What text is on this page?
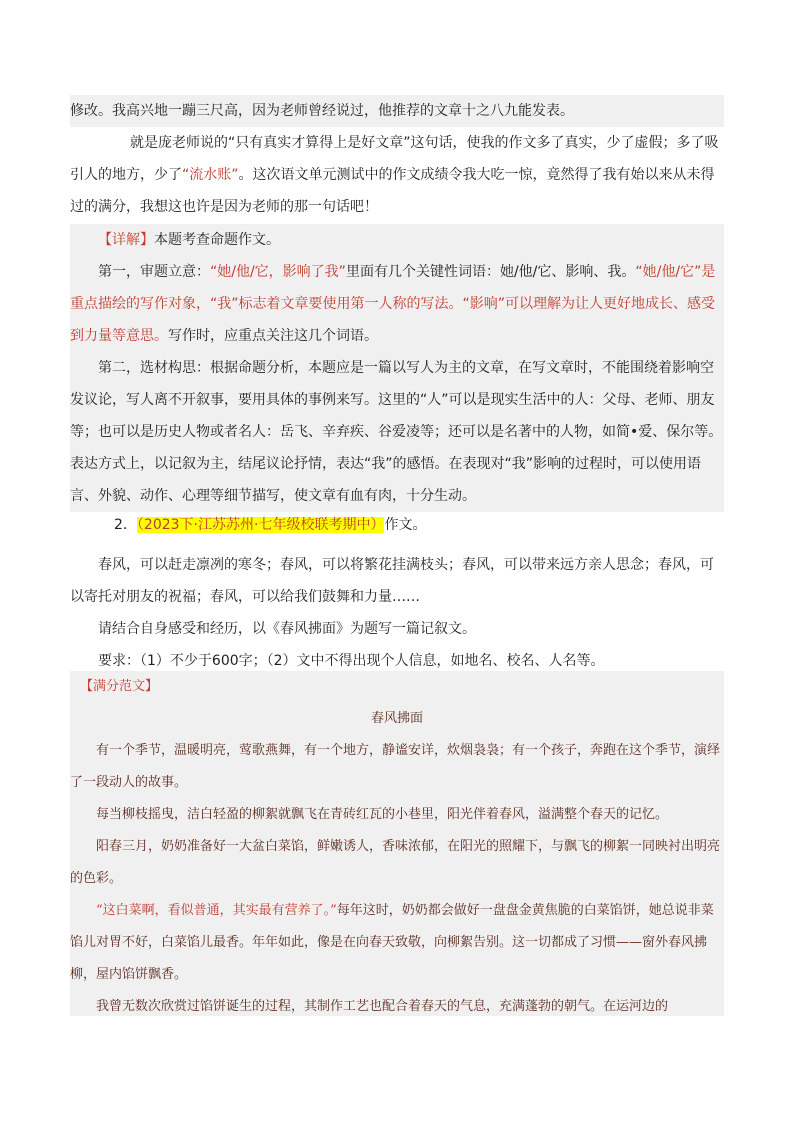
修改。我高兴地一蹦三尺高，因为老师曾经说过，他推荐的文章十之八九能发表。

就是庞老师说的“只有真实才算得上是好文章”这句话，使我的作文多了真实，少了虚假；多了吸引人的地方，少了“流水账”。这次语文单元测试中的作文成绩令我大吃一惊，竟然得了我有始以来从未得过的满分，我想这也许是因为老师的那一句话吧！

【详解】本题考查命题作文。

第一，审题立意：“她/他/它，影响了我”里面有几个关键性词语：她/他/它、影响、我。“她/他/它”是重点描绘的写作对象，“我”标志着文章要使用第一人称的写法。“影响”可以理解为让人更好地成长、感受到力量等意思。写作时，应重点关注这几个词语。

第二，选材构思：根据命题分析，本题应是一篇以写人为主的文章，在写文章时，不能围绕着影响空发议论，写人离不开叙事，要用具体的事例来写。这里的“人”可以是现实生活中的人：父母、老师、朋友等；也可以是历史人物或者名人：岳飞、辛弃疾、谷爱凌等；还可以是名著中的人物，如简•爱、保尔等。表达方式上，以记叙为主，结尾议论抒情，表达“我”的感悟。在表现对“我”影响的过程时，可以使用语言、外貌、动作、心理等细节描写，使文章有血有肉，十分生动。

2．（2023下·江苏苏州·七年级校联考期中）作文。

春风，可以赶走凛冽的寒冬；春风，可以将繁花挂满枝头；春风，可以带来远方亲人思念；春风，可以寄托对朋友的祝福；春风，可以给我们鼓舞和力量……

请结合自身感受和经历，以《春风拂面》为题写一篇记叙文。

要求：（1）不少于600字；（2）文中不得出现个人信息，如地名、校名、人名等。

【满分范文】

春风拂面

有一个季节，温暖明亮，莺歌燕舞，有一个地方，静谧安详，炊烟袅袅；有一个孩子，奔跑在这个季节，演绎了一段动人的故事。

每当柳枝摇曳，洁白轻盈的柳絮就飘飞在青砖红瓦的小巷里，阳光伴着春风，溢满整个春天的记忆。

阳春三月，奶奶准备好一大盆白菜馅，鲜嫩诱人，香味浓郁，在阳光的照耀下，与飘飞的柳絮一同映衬出明亮的色彩。

“这白菜啊，看似普通，其实最有营养了。”每年这时，奶奶都会做好一盘盘金黄焦脆的白菜馅饼，她总说非菜馅儿对胃不好，白菜馅儿最香。年年如此，像是在向春天致敬，向柳絮告别。这一切都成了习惯——窗外春风拂柳，屋内馅饼飘香。

我曾无数次欣赏过馅饼诞生的过程，其制作工艺也配合着春天的气息，充满蓬勃的朝气。在运河边的
